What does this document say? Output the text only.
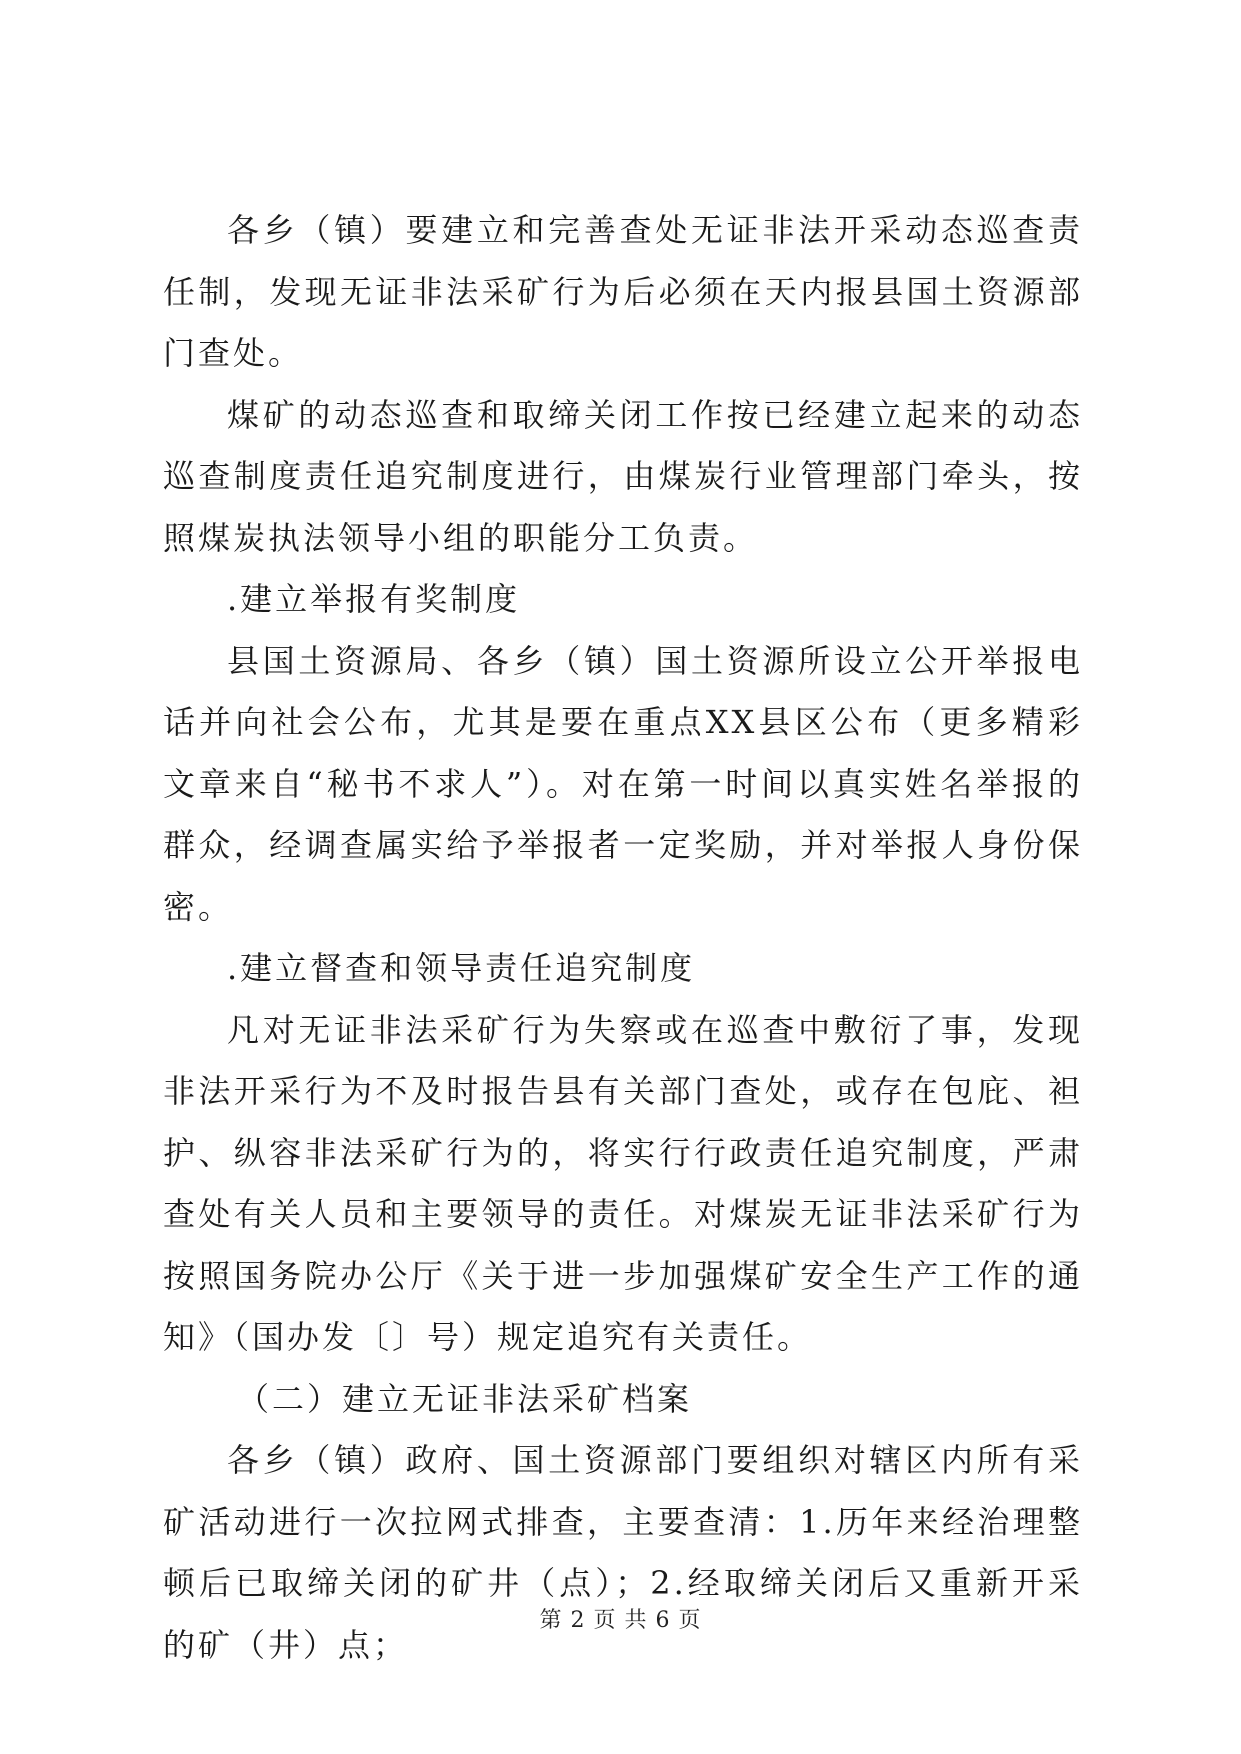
各乡（镇）要建立和完善查处无证非法开采动态巡查责任制，发现无证非法采矿行为后必须在天内报县国土资源部门查处。

煤矿的动态巡查和取缔关闭工作按已经建立起来的动态巡查制度责任追究制度进行，由煤炭行业管理部门牵头，按照煤炭执法领导小组的职能分工负责。

.建立举报有奖制度

县国土资源局、各乡（镇）国土资源所设立公开举报电话并向社会公布，尤其是要在重点XX县区公布（更多精彩文章来自“秘书不求人”）。对在第一时间以真实姓名举报的群众，经调查属实给予举报者一定奖励，并对举报人身份保密。

.建立督查和领导责任追究制度

凡对无证非法采矿行为失察或在巡查中敷衍了事，发现非法开采行为不及时报告县有关部门查处，或存在包庇、袒护、纵容非法采矿行为的，将实行行政责任追究制度，严肃查处有关人员和主要领导的责任。对煤炭无证非法采矿行为按照国务院办公厅《关于进一步加强煤矿安全生产工作的通知》（国办发〔〕号）规定追究有关责任。

（二）建立无证非法采矿档案

各乡（镇）政府、国土资源部门要组织对辖区内所有采矿活动进行一次拉网式排查，主要查清：1.历年来经治理整顿后已取缔关闭的矿井（点）；2.经取缔关闭后又重新开采的矿（井）点；

第 2 页 共 6 页
